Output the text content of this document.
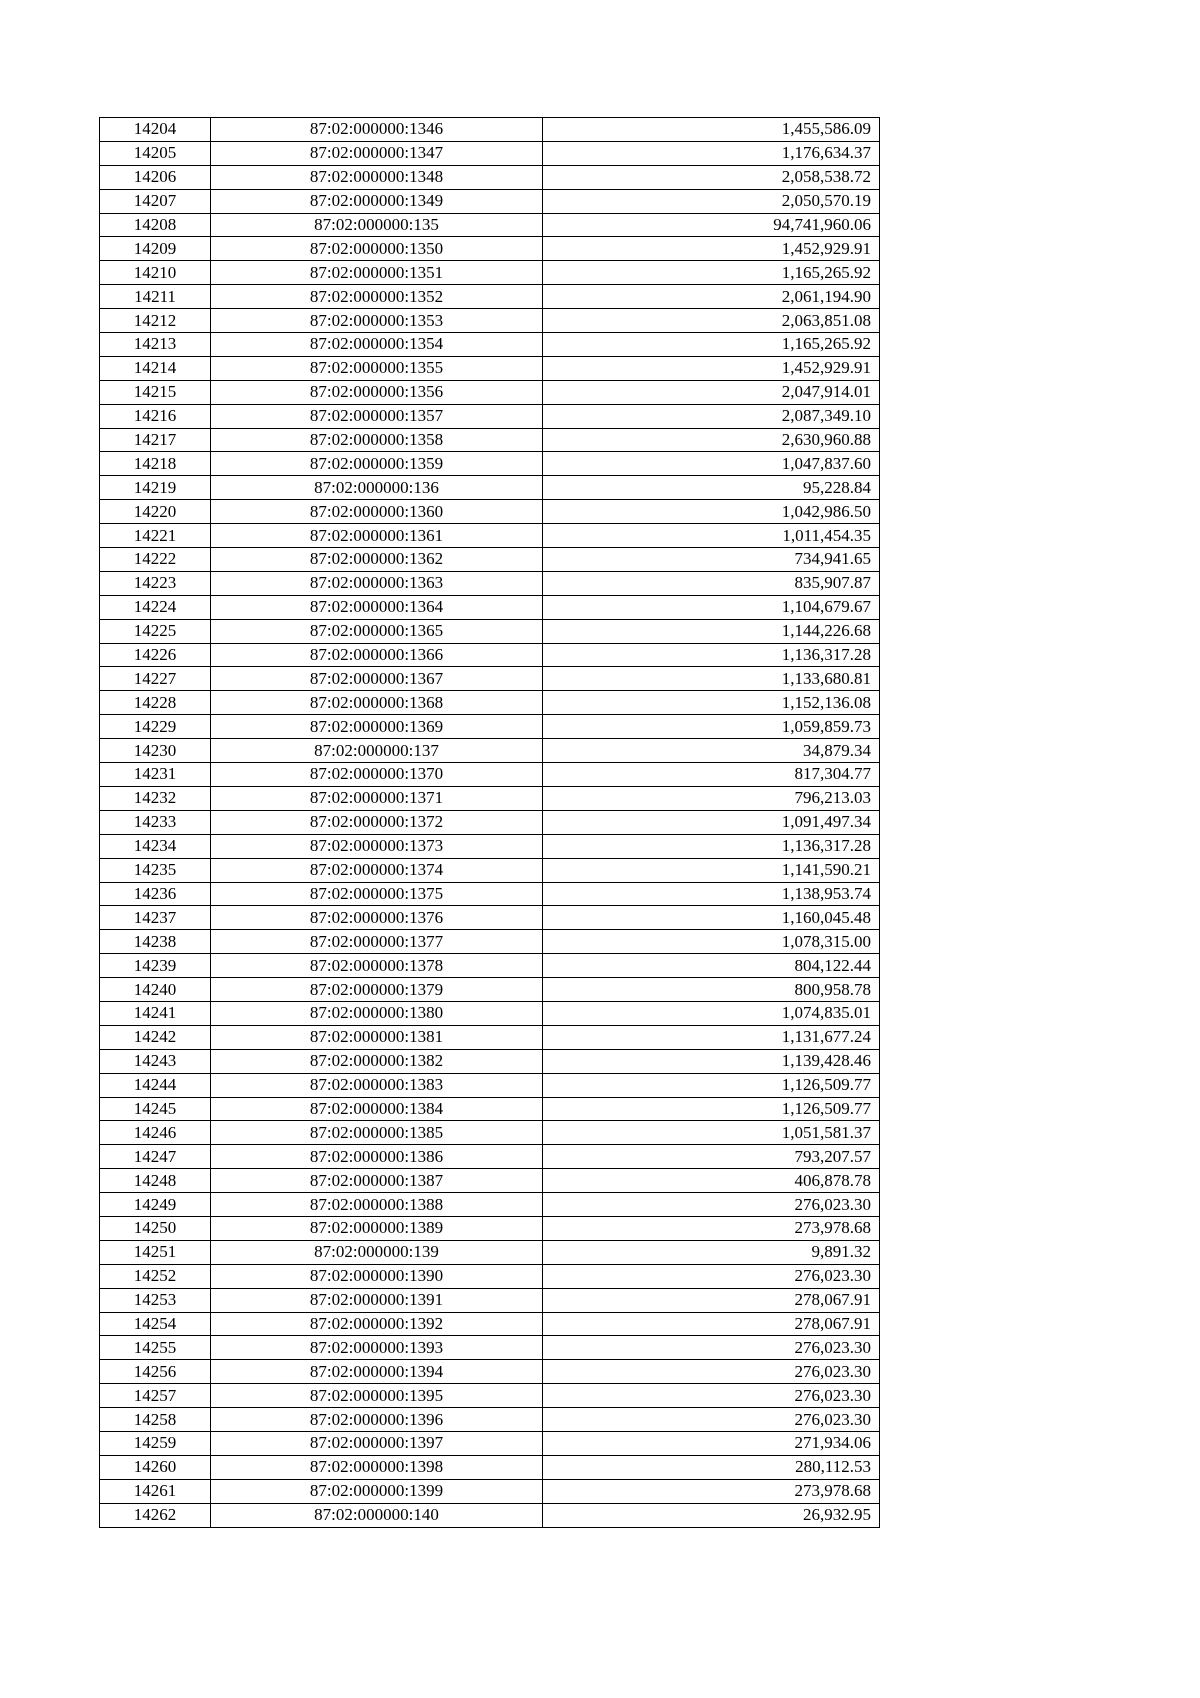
14204	87:02:000000:1346	1,455,586.09
14205	87:02:000000:1347	1,176,634.37
14206	87:02:000000:1348	2,058,538.72
14207	87:02:000000:1349	2,050,570.19
14208	87:02:000000:135	94,741,960.06
14209	87:02:000000:1350	1,452,929.91
14210	87:02:000000:1351	1,165,265.92
14211	87:02:000000:1352	2,061,194.90
14212	87:02:000000:1353	2,063,851.08
14213	87:02:000000:1354	1,165,265.92
14214	87:02:000000:1355	1,452,929.91
14215	87:02:000000:1356	2,047,914.01
14216	87:02:000000:1357	2,087,349.10
14217	87:02:000000:1358	2,630,960.88
14218	87:02:000000:1359	1,047,837.60
14219	87:02:000000:136	95,228.84
14220	87:02:000000:1360	1,042,986.50
14221	87:02:000000:1361	1,011,454.35
14222	87:02:000000:1362	734,941.65
14223	87:02:000000:1363	835,907.87
14224	87:02:000000:1364	1,104,679.67
14225	87:02:000000:1365	1,144,226.68
14226	87:02:000000:1366	1,136,317.28
14227	87:02:000000:1367	1,133,680.81
14228	87:02:000000:1368	1,152,136.08
14229	87:02:000000:1369	1,059,859.73
14230	87:02:000000:137	34,879.34
14231	87:02:000000:1370	817,304.77
14232	87:02:000000:1371	796,213.03
14233	87:02:000000:1372	1,091,497.34
14234	87:02:000000:1373	1,136,317.28
14235	87:02:000000:1374	1,141,590.21
14236	87:02:000000:1375	1,138,953.74
14237	87:02:000000:1376	1,160,045.48
14238	87:02:000000:1377	1,078,315.00
14239	87:02:000000:1378	804,122.44
14240	87:02:000000:1379	800,958.78
14241	87:02:000000:1380	1,074,835.01
14242	87:02:000000:1381	1,131,677.24
14243	87:02:000000:1382	1,139,428.46
14244	87:02:000000:1383	1,126,509.77
14245	87:02:000000:1384	1,126,509.77
14246	87:02:000000:1385	1,051,581.37
14247	87:02:000000:1386	793,207.57
14248	87:02:000000:1387	406,878.78
14249	87:02:000000:1388	276,023.30
14250	87:02:000000:1389	273,978.68
14251	87:02:000000:139	9,891.32
14252	87:02:000000:1390	276,023.30
14253	87:02:000000:1391	278,067.91
14254	87:02:000000:1392	278,067.91
14255	87:02:000000:1393	276,023.30
14256	87:02:000000:1394	276,023.30
14257	87:02:000000:1395	276,023.30
14258	87:02:000000:1396	276,023.30
14259	87:02:000000:1397	271,934.06
14260	87:02:000000:1398	280,112.53
14261	87:02:000000:1399	273,978.68
14262	87:02:000000:140	26,932.95
